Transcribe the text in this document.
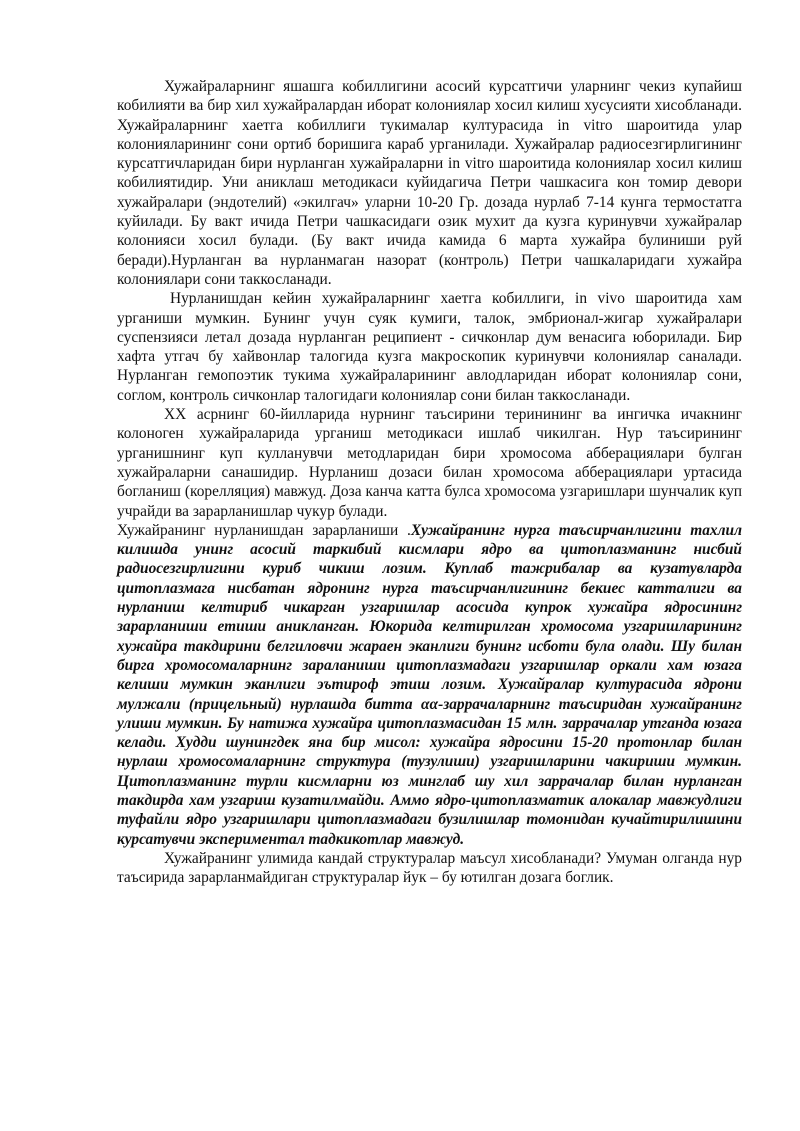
Хужайраларнинг яшашга кобиллигини асосий курсатгичи уларнинг чекиз купайиш кобилияти ва бир хил хужайралардан иборат колониялар хосил килиш хусусияти хисобланади. Хужайраларнинг хаетга кобиллиги тукималар културасида in vitro шароитида улар колонияларининг сони ортиб боришига караб урганилади. Хужайралар радиосезгирлигининг курсатгичларидан бири нурланган хужайраларни in vitro шароитида колониялар хосил килиш кобилиятидир. Уни аниклаш методикаси куйидагича Петри чашкасига кон томир девори хужайралари (эндотелий) «экилгач» уларни 10-20 Гр. дозада нурлаб 7-14 кунга термостатга куйилади. Бу вакт ичида Петри чашкасидаги озик мухит да кузга куринувчи хужайралар колонияси хосил булади. (Бу вакт ичида камида 6 марта хужайра булиниши руй беради).Нурланган ва нурланмаган назорат (контроль) Петри чашкаларидаги хужайра колониялари сони таккосланади.

Нурланишдан кейин хужайраларнинг хаетга кобиллиги, in vivo шароитида хам урганиши мумкин. Бунинг учун суяк кумиги, талок, эмбрионал-жигар хужайралари суспензияси летал дозада нурланган реципиент - сичконлар дум венасига юборилади. Бир хафта утгач бу хайвонлар талогида кузга макроскопик куринувчи колониялар саналади. Нурланган гемопоэтик тукима хужайраларининг авлодларидан иборат колониялар сони, соглом, контроль сичконлар талогидаги колониялар сони билан таккосланади.

XX асрнинг 60-йилларида нурнинг таъсирини теринининг ва ингичка ичакнинг колоноген хужайраларида урганиш методикаси ишлаб чикилган. Нур таъсирининг урганишнинг куп кулланувчи методларидан бири хромосома абберациялари булган хужайраларни санашидир. Нурланиш дозаси билан хромосома абберациялари уртасида богланиш (корелляция) мавжуд. Доза канча катта булса хромосома узгаришлари шунчалик куп учрайди ва зарарланишлар чукур булади.

Хужайранинг нурланишдан зарарланиши .Хужайранинг нурга таъсирчанлигини тахлил килишда унинг асосий таркибий кисмлари ядро ва цитоплазманинг нисбий радиосезгирлигини куриб чикиш лозим. Куплаб тажрибалар ва кузатувларда цитоплазмага нисбатан ядронинг нурга таъсирчанлигининг бекиес катталиги ва нурланиш келтириб чикарган узгаришлар асосида купрок хужайра ядросининг зарарланиши етиши аникланган. Юкорида келтирилган хромосома узгаришларининг хужайра такдирини белгиловчи жараен эканлиги бунинг исботи була олади. Шу билан бирга хромосомаларнинг зараланиши цитоплазмадаги узгаришлар оркали хам юзага келиши мумкин эканлиги эътироф этиш лозим. Хужайралар културасида ядрони мулжали (прицельный) нурлашда битта αα-заррачаларнинг таъсиридан хужайранинг улиши мумкин. Бу натижа хужайра цитоплазмасидан 15 млн. заррачалар утганда юзага келади. Худди шунингдек яна бир мисол: хужайра ядросини 15-20 протонлар билан нурлаш хромосомаларнинг структура (тузулиши) узгаришларини чакириши мумкин. Цитоплазманинг турли кисмларни юз минглаб шу хил заррачалар билан нурланган такдирда хам узгариш кузатилмайди. Аммо ядро-цитоплазматик алокалар мавжудлиги туфайли ядро узгаришлари цитоплазмадаги бузилишлар томонидан кучайтирилишини курсатувчи экспериментал тадкикотлар мавжуд.

Хужайранинг улимида кандай структуралар маъсул хисобланади? Умуман олганда нур таъсирида зарарланмайдиган структуралар йук – бу ютилган дозага боглик.
